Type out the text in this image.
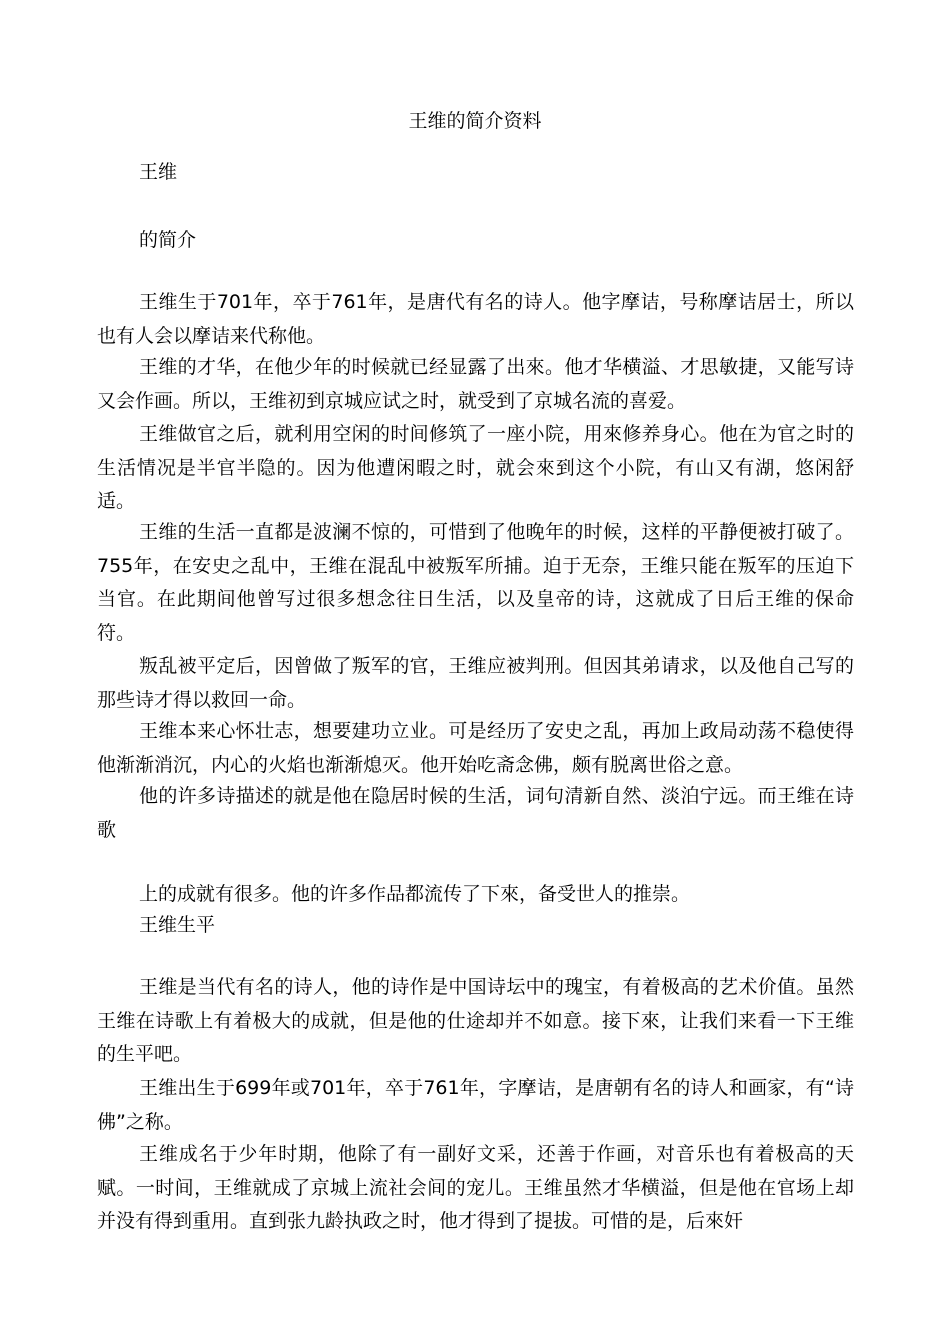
王维的简介资料
王维
的简介

王维生于701年，卒于761年，是唐代有名的诗人。他字摩诘，号称摩诘居士，所以也有人会以摩诘来代称他。

王维的才华，在他少年的时候就已经显露了出來。他才华横溢、才思敏捷，又能写诗又会作画。所以，王维初到京城应试之时，就受到了京城名流的喜爱。

王维做官之后，就利用空闲的时间修筑了一座小院，用來修养身心。他在为官之时的生活情况是半官半隐的。因为他遭闲暇之时，就会來到这个小院，有山又有湖，悠闲舒适。

王维的生活一直都是波澜不惊的，可惜到了他晚年的时候，这样的平静便被打破了。755年，在安史之乱中，王维在混乱中被叛军所捕。迫于无奈，王维只能在叛军的压迫下当官。在此期间他曾写过很多想念往日生活，以及皇帝的诗，这就成了日后王维的保命符。

叛乱被平定后，因曾做了叛军的官，王维应被判刑。但因其弟请求，以及他自己写的那些诗才得以救回一命。

王维本来心怀壮志，想要建功立业。可是经历了安史之乱，再加上政局动荡不稳使得他渐渐消沉，内心的火焰也渐渐熄灭。他开始吃斋念佛，颇有脱离世俗之意。

他的许多诗描述的就是他在隐居时候的生活，词句清新自然、淡泊宁远。而王维在诗歌

上的成就有很多。他的许多作品都流传了下來，备受世人的推崇。

王维生平

王维是当代有名的诗人，他的诗作是中国诗坛中的瑰宝，有着极高的艺术价值。虽然王维在诗歌上有着极大的成就，但是他的仕途却并不如意。接下來，让我们来看一下王维的生平吧。

王维出生于699年或701年，卒于761年，字摩诘，是唐朝有名的诗人和画家，有“诗佛”之称。

王维成名于少年时期，他除了有一副好文采，还善于作画，对音乐也有着极高的天赋。一时间，王维就成了京城上流社会间的宠儿。王维虽然才华横溢，但是他在官场上却并没有得到重用。直到张九龄执政之时，他才得到了提拔。可惜的是，后來奸
